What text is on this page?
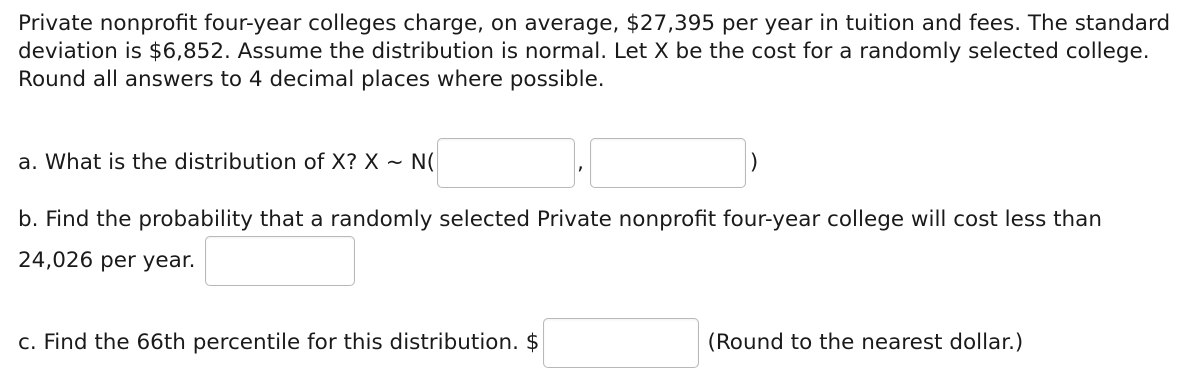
Private nonprofit four-year colleges charge, on average, $27,395 per year in tuition and fees. The standard deviation is $6,852. Assume the distribution is normal. Let X be the cost for a randomly selected college. Round all answers to 4 decimal places where possible.

a. What is the distribution of X? X ~ N(	,	)
b. Find the probability that a randomly selected Private nonprofit four-year college will cost less than
24,026 per year.
c. Find the 66th percentile for this distribution. $	(Round to the nearest dollar.)
